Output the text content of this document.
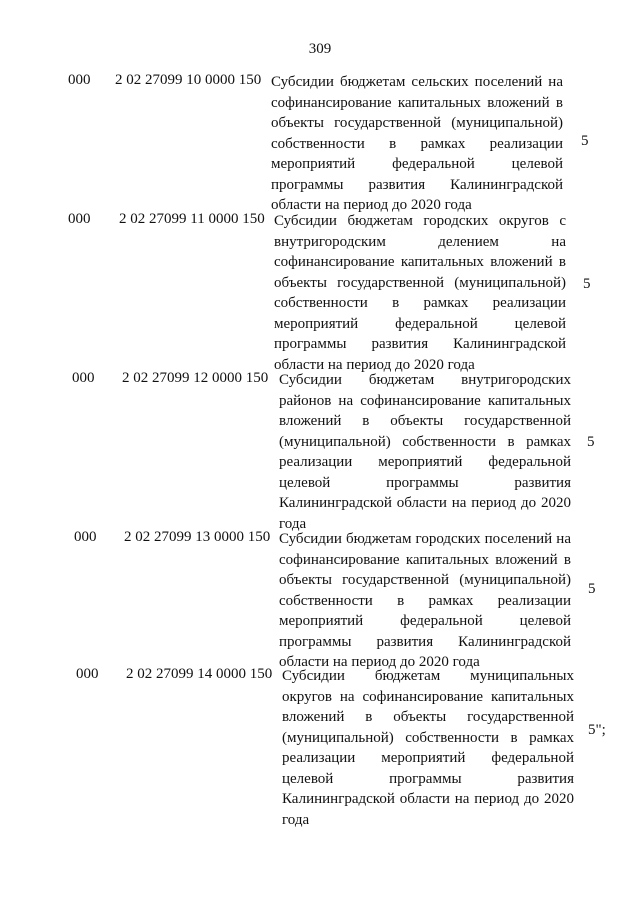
309
000 2 02 27099 10 0000 150 Субсидии бюджетам сельских поселений на софинансирование капитальных вложений в объекты государственной (муниципальной) собственности в рамках реализации мероприятий федеральной целевой программы развития Калининградской области на период до 2020 года
5
000 2 02 27099 11 0000 150 Субсидии бюджетам городских округов с внутригородским делением на софинансирование капитальных вложений в объекты государственной (муниципальной) собственности в рамках реализации мероприятий федеральной целевой программы развития Калининградской области на период до 2020 года
5
000 2 02 27099 12 0000 150 Субсидии бюджетам внутригородских районов на софинансирование капитальных вложений в объекты государственной (муниципальной) собственности в рамках реализации мероприятий федеральной целевой программы развития Калининградской области на период до 2020 года
5
000 2 02 27099 13 0000 150 Субсидии бюджетам городских поселений на софинансирование капитальных вложений в объекты государственной (муниципальной) собственности в рамках реализации мероприятий федеральной целевой программы развития Калининградской области на период до 2020 года
5
000 2 02 27099 14 0000 150 Субсидии бюджетам муниципальных округов на софинансирование капитальных вложений в объекты государственной (муниципальной) собственности в рамках реализации мероприятий федеральной целевой программы развития Калининградской области на период до 2020 года
5";
